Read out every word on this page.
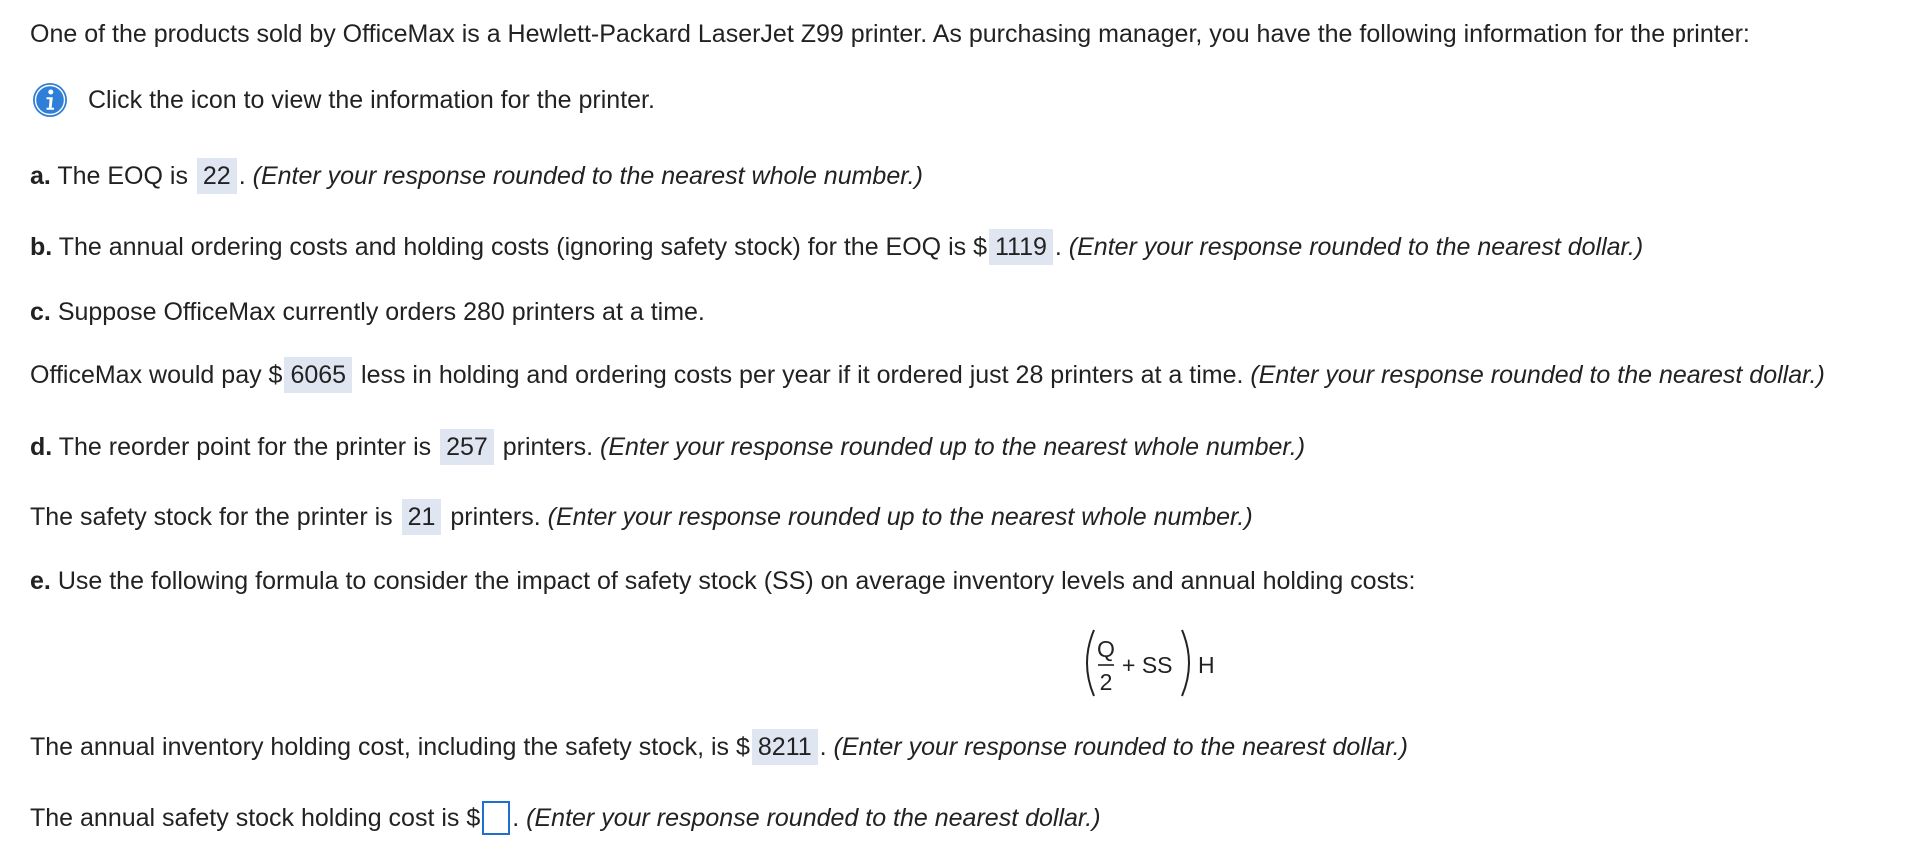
One of the products sold by OfficeMax is a Hewlett-Packard LaserJet Z99 printer. As purchasing manager, you have the following information for the printer:
Click the icon to view the information for the printer.
a. The EOQ is 22 . (Enter your response rounded to the nearest whole number.)
b. The annual ordering costs and holding costs (ignoring safety stock) for the EOQ is $ 1119 . (Enter your response rounded to the nearest dollar.)
c. Suppose OfficeMax currently orders 280 printers at a time.
OfficeMax would pay $ 6065 less in holding and ordering costs per year if it ordered just 28 printers at a time. (Enter your response rounded to the nearest dollar.)
d. The reorder point for the printer is 257 printers. (Enter your response rounded up to the nearest whole number.)
The safety stock for the printer is 21 printers. (Enter your response rounded up to the nearest whole number.)
e. Use the following formula to consider the impact of safety stock (SS) on average inventory levels and annual holding costs:
Q
2
+ SS H
The annual inventory holding cost, including the safety stock, is $ 8211 . (Enter your response rounded to the nearest dollar.)
The annual safety stock holding cost is $ . (Enter your response rounded to the nearest dollar.)
